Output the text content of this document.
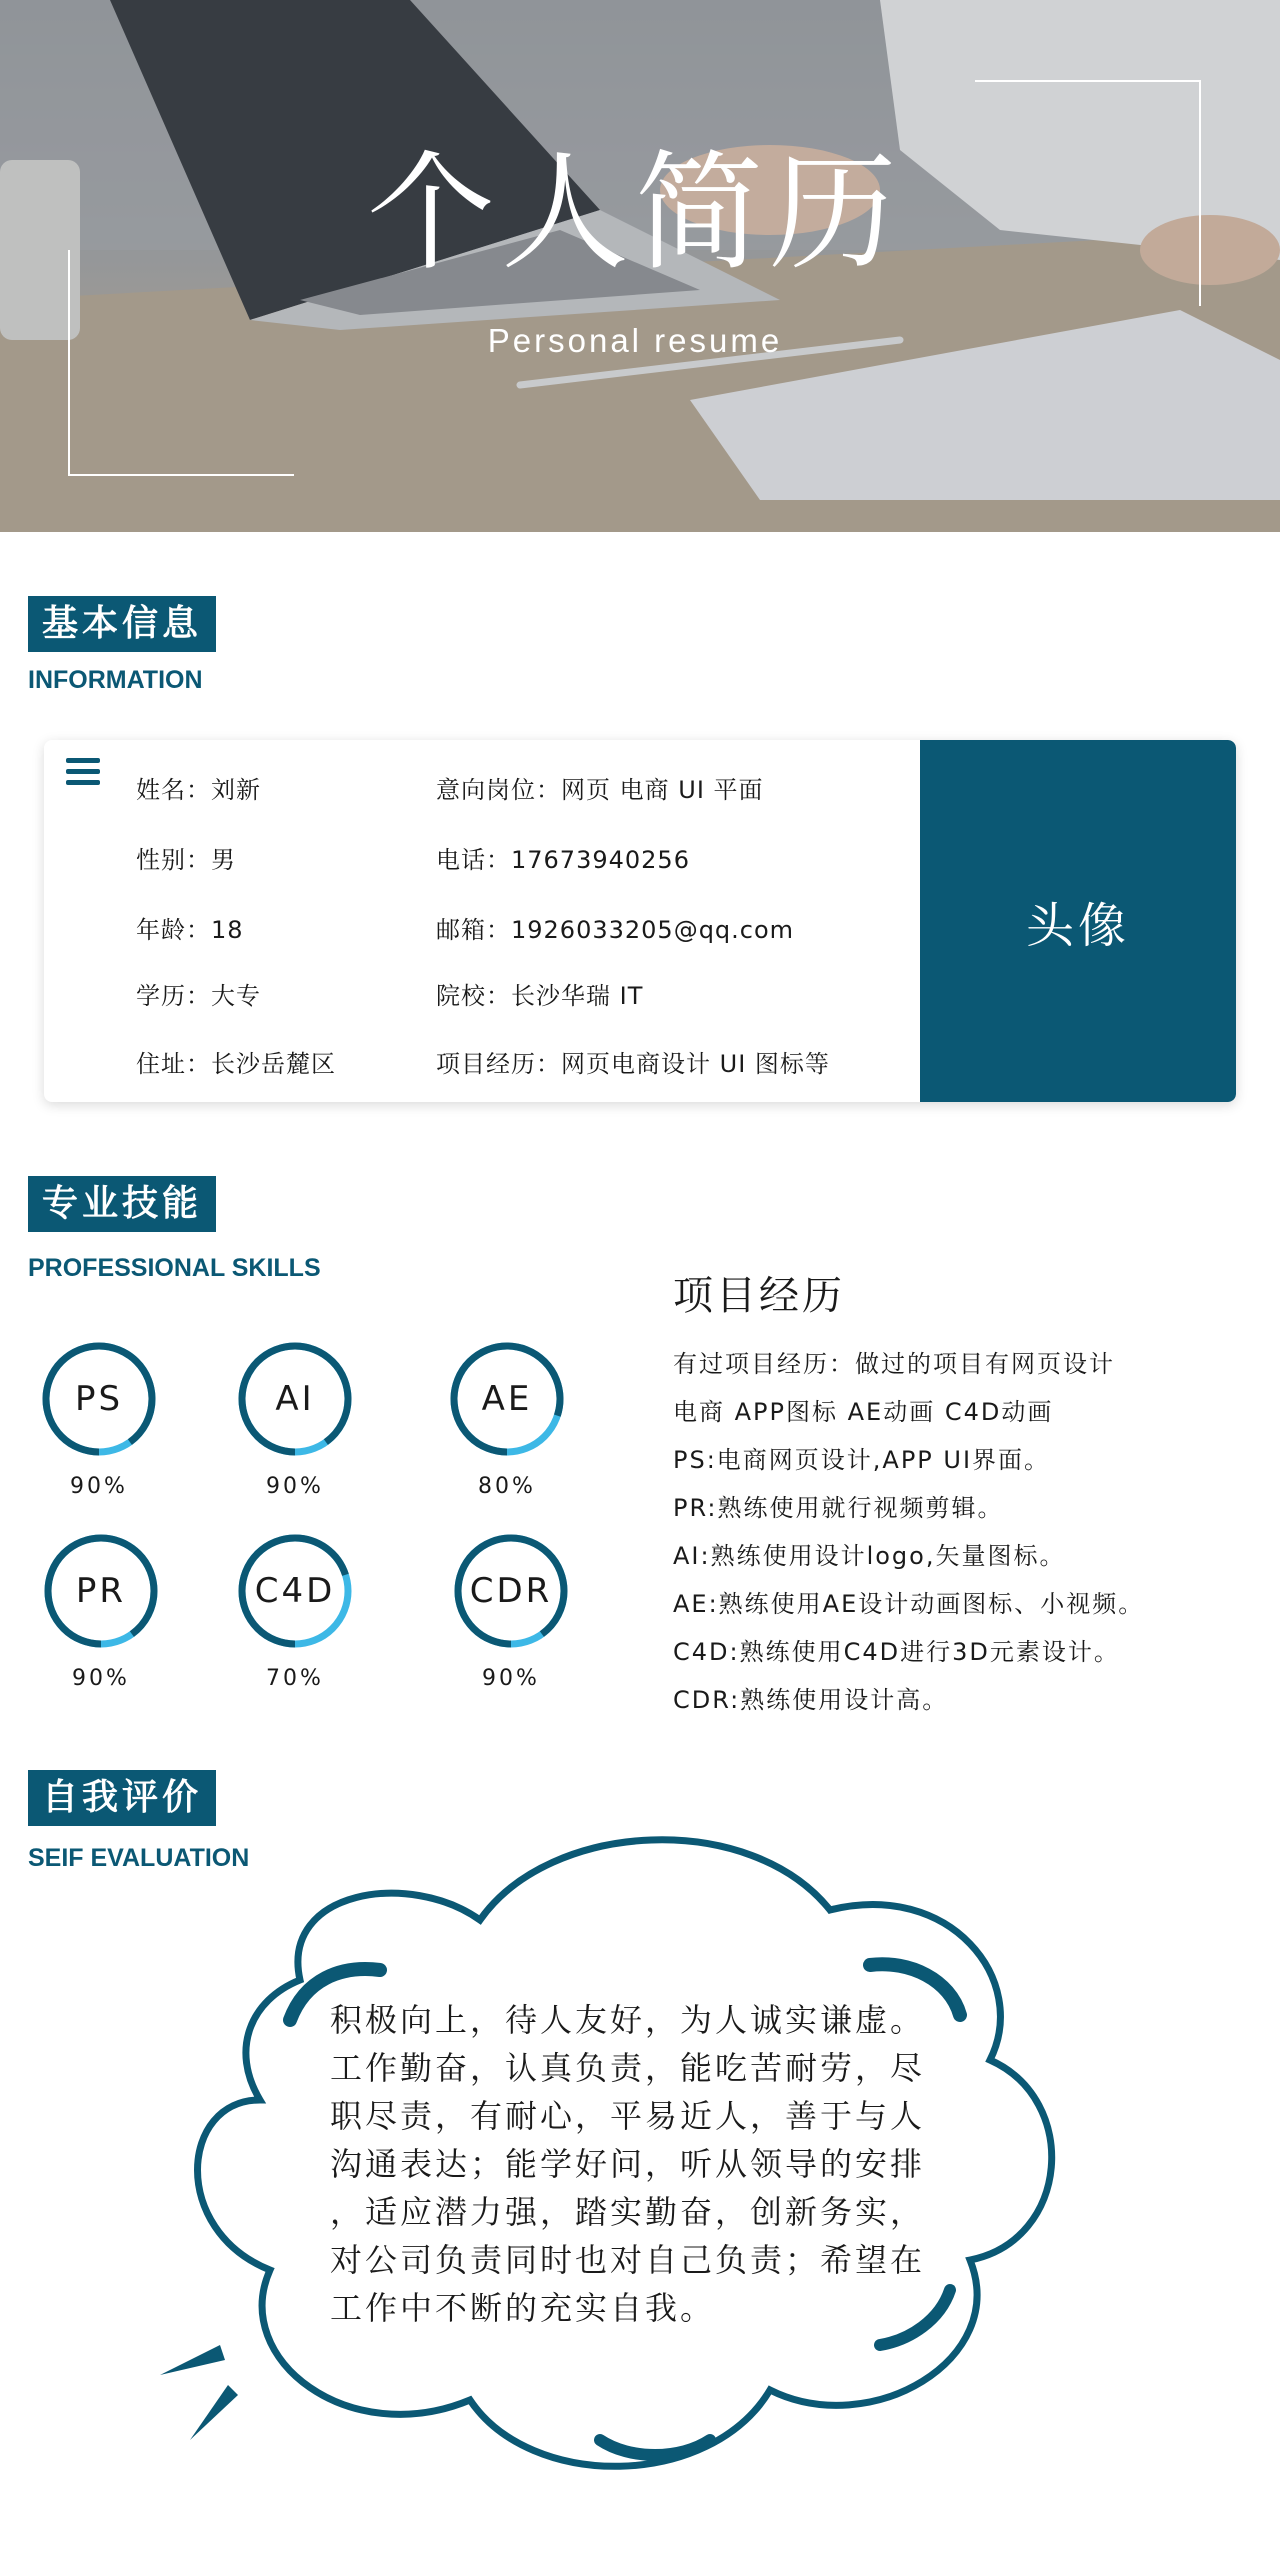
个人简历
Personal resume
基本信息
INFORMATION
姓名：刘新
性别：男
年龄：18
学历：大专
住址：长沙岳麓区
意向岗位：网页 电商 UI 平面
电话：17673940256
邮箱：1926033205@qq.com
院校：长沙华瑞 IT
项目经历：网页电商设计 UI 图标等
头像
专业技能
PROFESSIONAL SKILLS
PS
90%
AI
90%
AE
80%
PR
90%
C4D
70%
CDR
90%
项目经历
有过项目经历：做过的项目有网页设计
电商 APP图标 AE动画 C4D动画
PS:电商网页设计,APP UI界面。
PR:熟练使用就行视频剪辑。
AI:熟练使用设计logo,矢量图标。
AE:熟练使用AE设计动画图标、小视频。
C4D:熟练使用C4D进行3D元素设计。
CDR:熟练使用设计高。
自我评价
SEIF EVALUATION
积极向上，待人友好，为人诚实谦虚。
工作勤奋，认真负责，能吃苦耐劳，尽
职尽责，有耐心，平易近人，善于与人
沟通表达；能学好问，听从领导的安排
，适应潜力强，踏实勤奋，创新务实，
对公司负责同时也对自己负责；希望在
工作中不断的充实自我。
